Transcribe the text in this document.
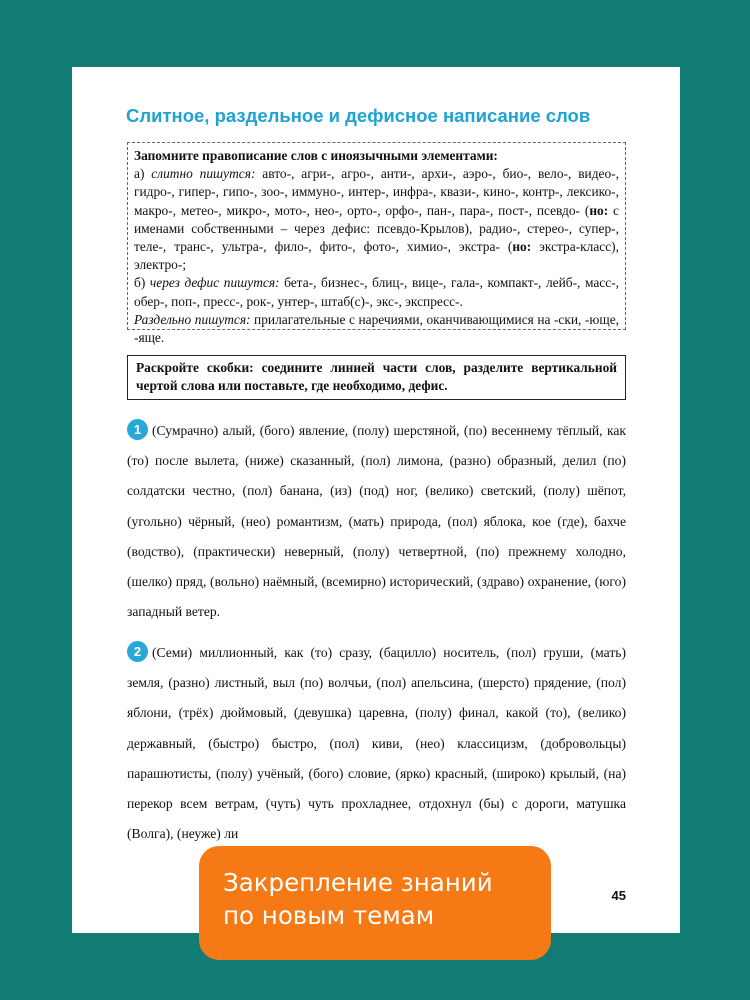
Слитное, раздельное и дефисное написание слов

Запомните правописание слов с иноязычными элементами:

а) слитно пишутся: авто-, агри-, агро-, анти-, архи-, аэро-, био-, вело-, видео-, гидро-, гипер-, гипо-, зоо-, иммуно-, интер-, инфра-, квази-, кино-, контр-, лексико-, макро-, метео-, микро-, мото-, нео-, орто-, орфо-, пан-, пара-, пост-, псевдо- (но: с именами собственными – через дефис: псевдо-Крылов), радио-, стерео-, супер-, теле-, транс-, ультра-, фило-, фито-, фото-, химио-, экстра- (но: экстра-класс), электро-;

б) через дефис пишутся: бета-, бизнес-, блиц-, вице-, гала-, компакт-, лейб-, масс-, обер-, поп-, пресс-, рок-, унтер-, штаб(с)-, экс-, экспресс-.

Раздельно пишутся: прилагательные с наречиями, оканчивающимися на -ски, -юще, -яще.

Раскройте скобки: соедините линией части слов, разделите вертикальной чертой слова или поставьте, где необходимо, дефис.

1 (Сумрачно) алый, (бого) явление, (полу) шерстяной, (по) весеннему тёплый, как (то) после вылета, (ниже) сказанный, (пол) лимона, (разно) образный, делил (по) солдатски честно, (пол) банана, (из) (под) ног, (велико) светский, (полу) шёпот, (угольно) чёрный, (нео) романтизм, (мать) природа, (пол) яблока, кое (где), бахче (водство), (практически) неверный, (полу) четвертной, (по) прежнему холодно, (шелко) пряд, (вольно) наёмный, (всемирно) исторический, (здраво) охранение, (юго) западный ветер.

2 (Семи) миллионный, как (то) сразу, (бацилло) носитель, (пол) груши, (мать) земля, (разно) листный, выл (по) волчьи, (пол) апельсина, (шерсто) прядение, (пол) яблони, (трёх) дюймовый, (девушка) царевна, (полу) финал, какой (то), (велико) державный, (быстро) быстро, (пол) киви, (нео) классицизм, (добровольцы) парашютисты, (полу) учёный, (бого) словие, (ярко) красный, (широко) крылый, (на) перекор всем ветрам, (чуть) чуть прохладнее, отдохнул (бы) с дороги, матушка (Волга), (неуже) ли

45
Закрепление знаний
по новым темам
